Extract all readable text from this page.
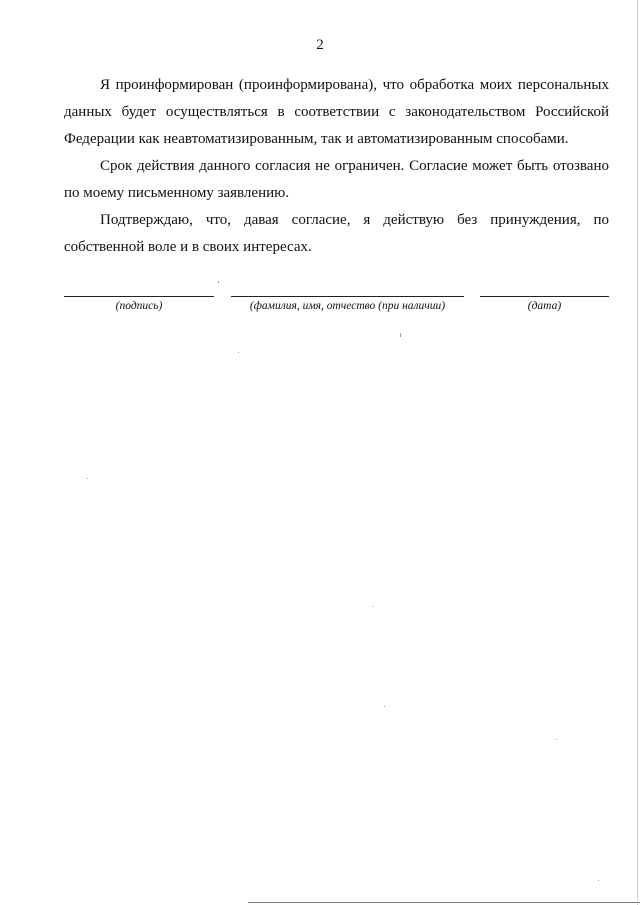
2

Я проинформирован (проинформирована), что обработка моих персональных данных будет осуществляться в соответствии с законодательством Российской Федерации как неавтоматизированным, так и автоматизированным способами.

Срок действия данного согласия не ограничен. Согласие может быть отозвано по моему письменному заявлению.

Подтверждаю, что, давая согласие, я действую без принуждения, по собственной воле и в своих интересах.

(подпись)	(фамилия, имя, отчество (при наличии)	(дата)
